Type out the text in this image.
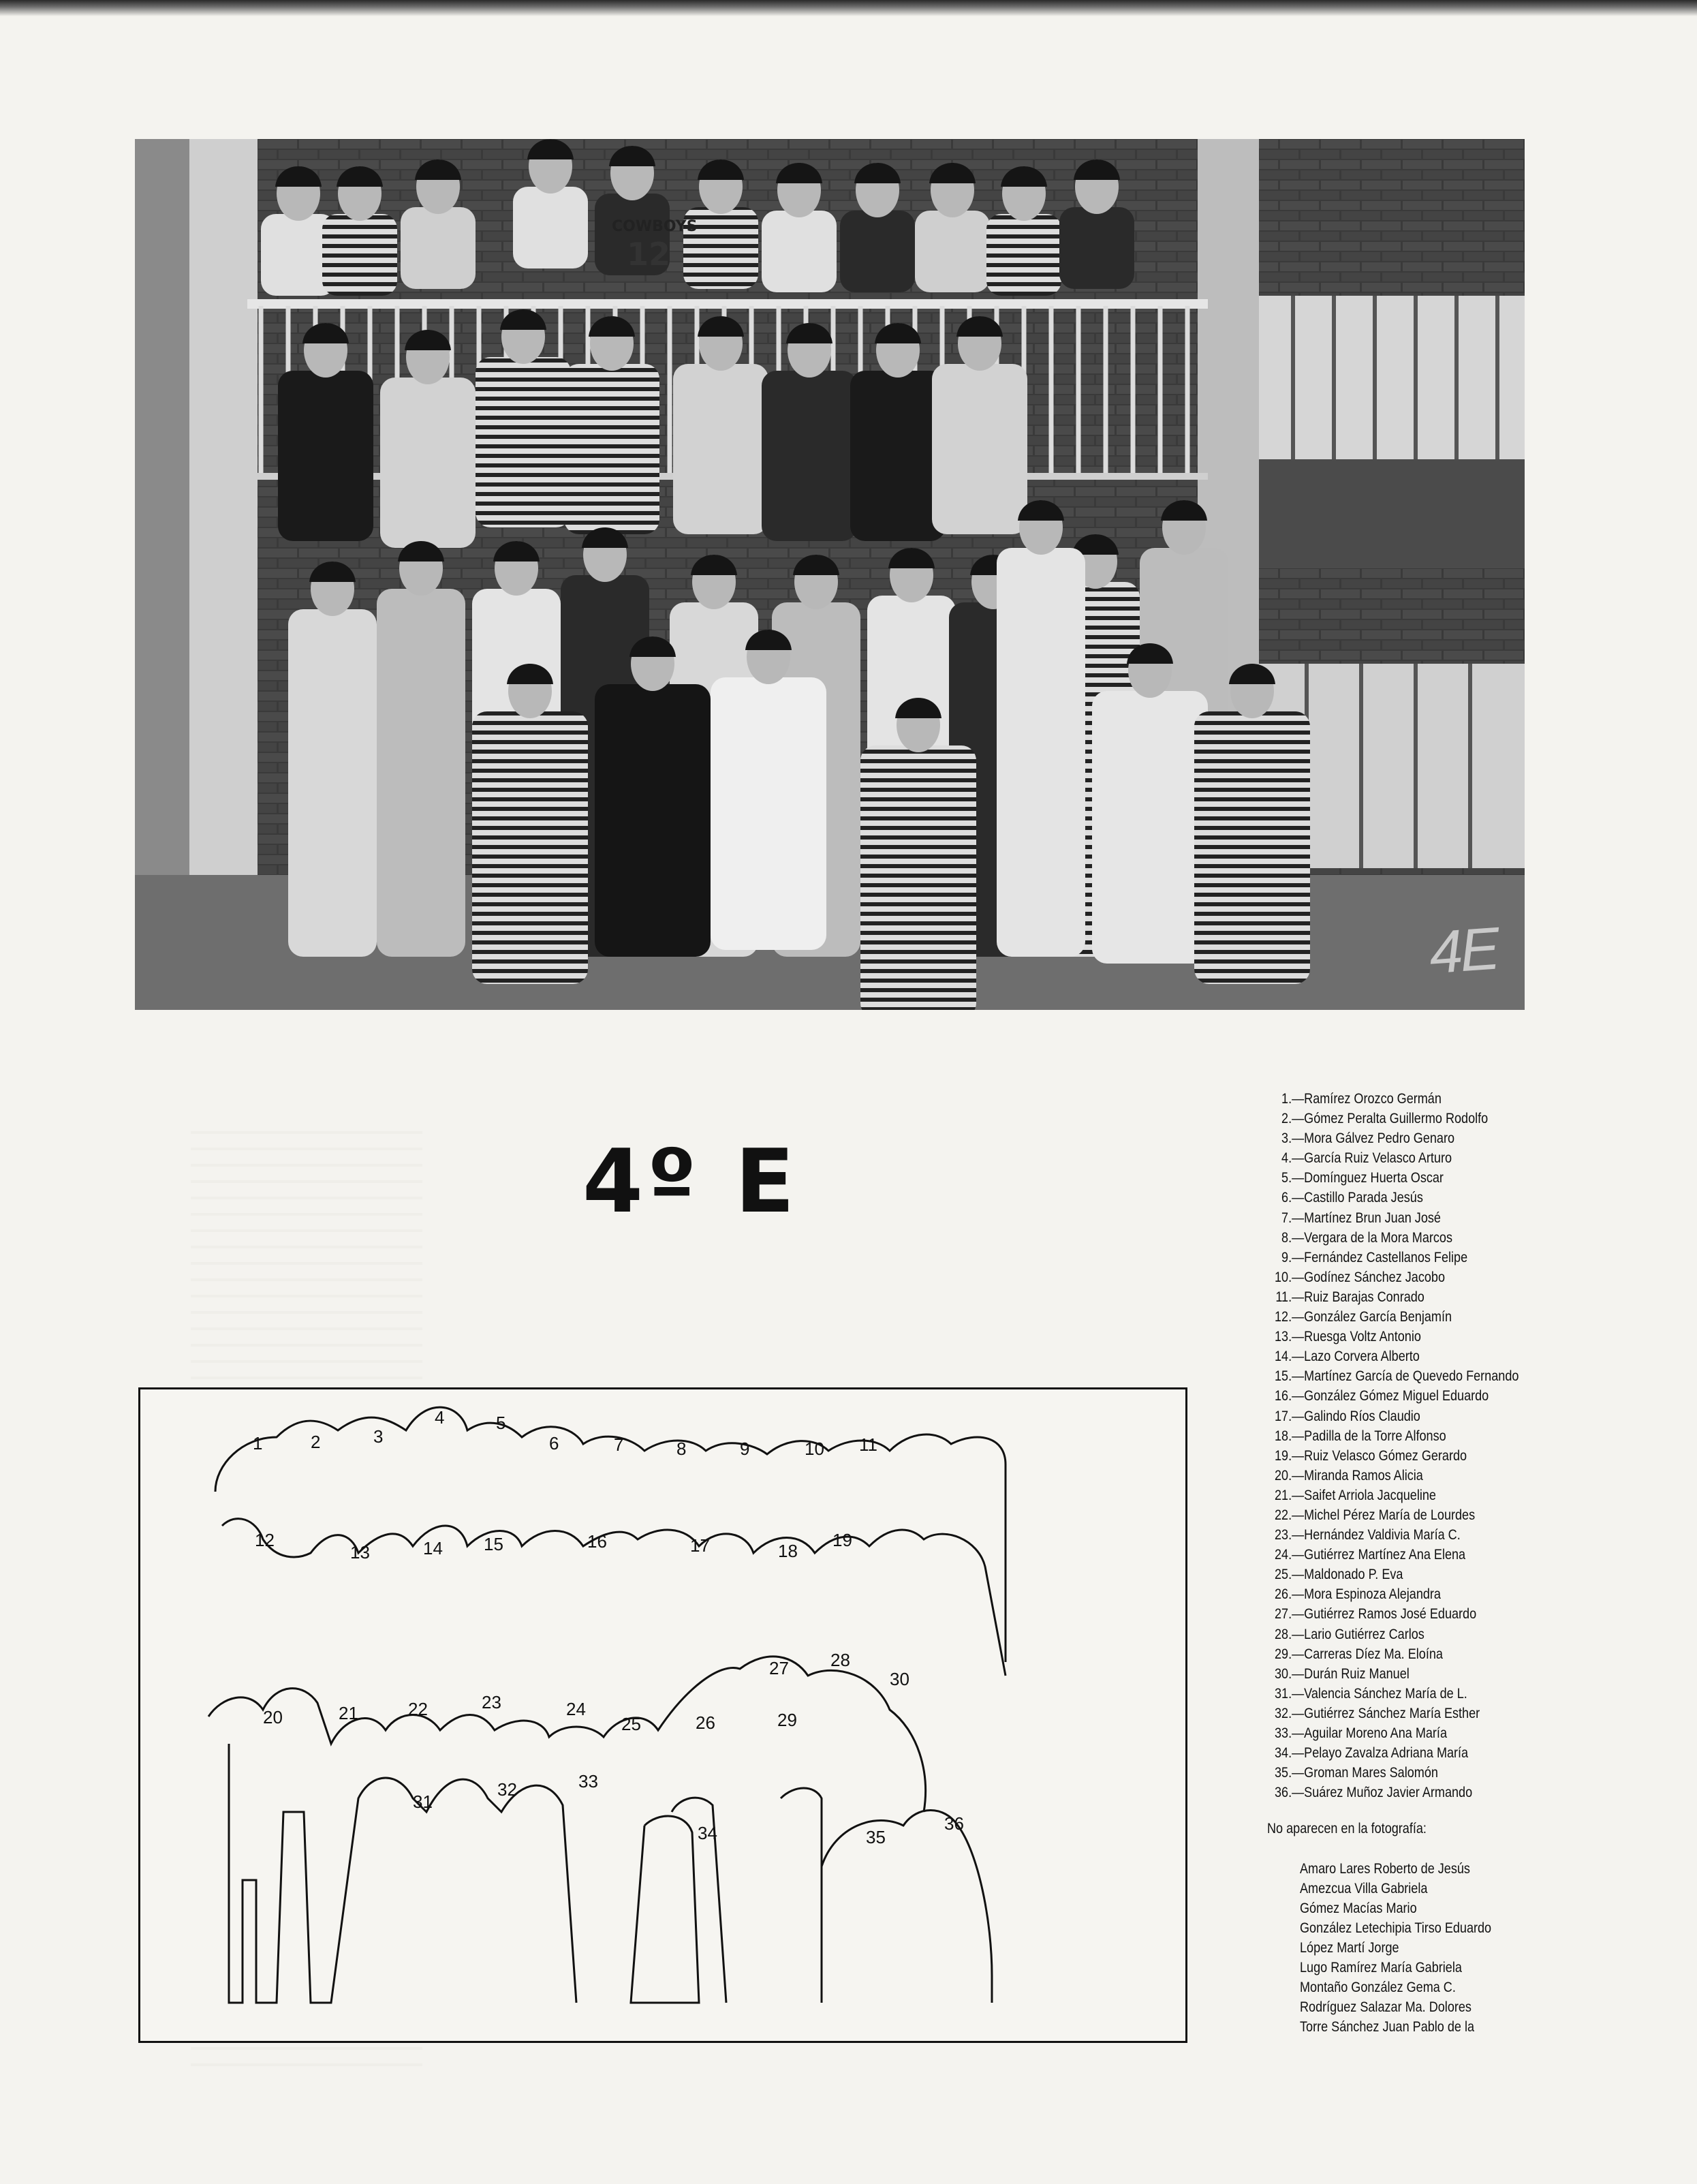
COWBOYS
12
4E

4º E
1	2	3
4	5
6	7	8	9	10 11
12
13	14 15	16	17	18
19
20	21	22	23	24
25	26
27 28
29
30
31
32	33
34	35
36
1.—Ramírez Orozco Germán
2.—Gómez Peralta Guillermo Rodolfo
3.—Mora Gálvez Pedro Genaro
4.—García Ruiz Velasco Arturo
5.—Domínguez Huerta Oscar
6.—Castillo Parada Jesús
7.—Martínez Brun Juan José
8.—Vergara de la Mora Marcos
9.—Fernández Castellanos Felipe
10.—Godínez Sánchez Jacobo
11.—Ruiz Barajas Conrado
12.—González García Benjamín
13.—Ruesga Voltz Antonio
14.—Lazo Corvera Alberto
15.—Martínez García de Quevedo Fernando
16.—González Gómez Miguel Eduardo
17.—Galindo Ríos Claudio
18.—Padilla de la Torre Alfonso
19.—Ruiz Velasco Gómez Gerardo
20.—Miranda Ramos Alicia
21.—Saifet Arriola Jacqueline
22.—Michel Pérez María de Lourdes
23.—Hernández Valdivia María C.
24.—Gutiérrez Martínez Ana Elena
25.—Maldonado P. Eva
26.—Mora Espinoza Alejandra
27.—Gutiérrez Ramos José Eduardo
28.—Lario Gutiérrez Carlos
29.—Carreras Díez Ma. Eloína
30.—Durán Ruiz Manuel
31.—Valencia Sánchez María de L.
32.—Gutiérrez Sánchez María Esther
33.—Aguilar Moreno Ana María
34.—Pelayo Zavalza Adriana María
35.—Groman Mares Salomón
36.—Suárez Muñoz Javier Armando
No aparecen en la fotografía:
Amaro Lares Roberto de Jesús
Amezcua Villa Gabriela
Gómez Macías Mario
González Letechipia Tirso Eduardo
López Martí Jorge
Lugo Ramírez María Gabriela
Montaño González Gema C.
Rodríguez Salazar Ma. Dolores
Torre Sánchez Juan Pablo de la
